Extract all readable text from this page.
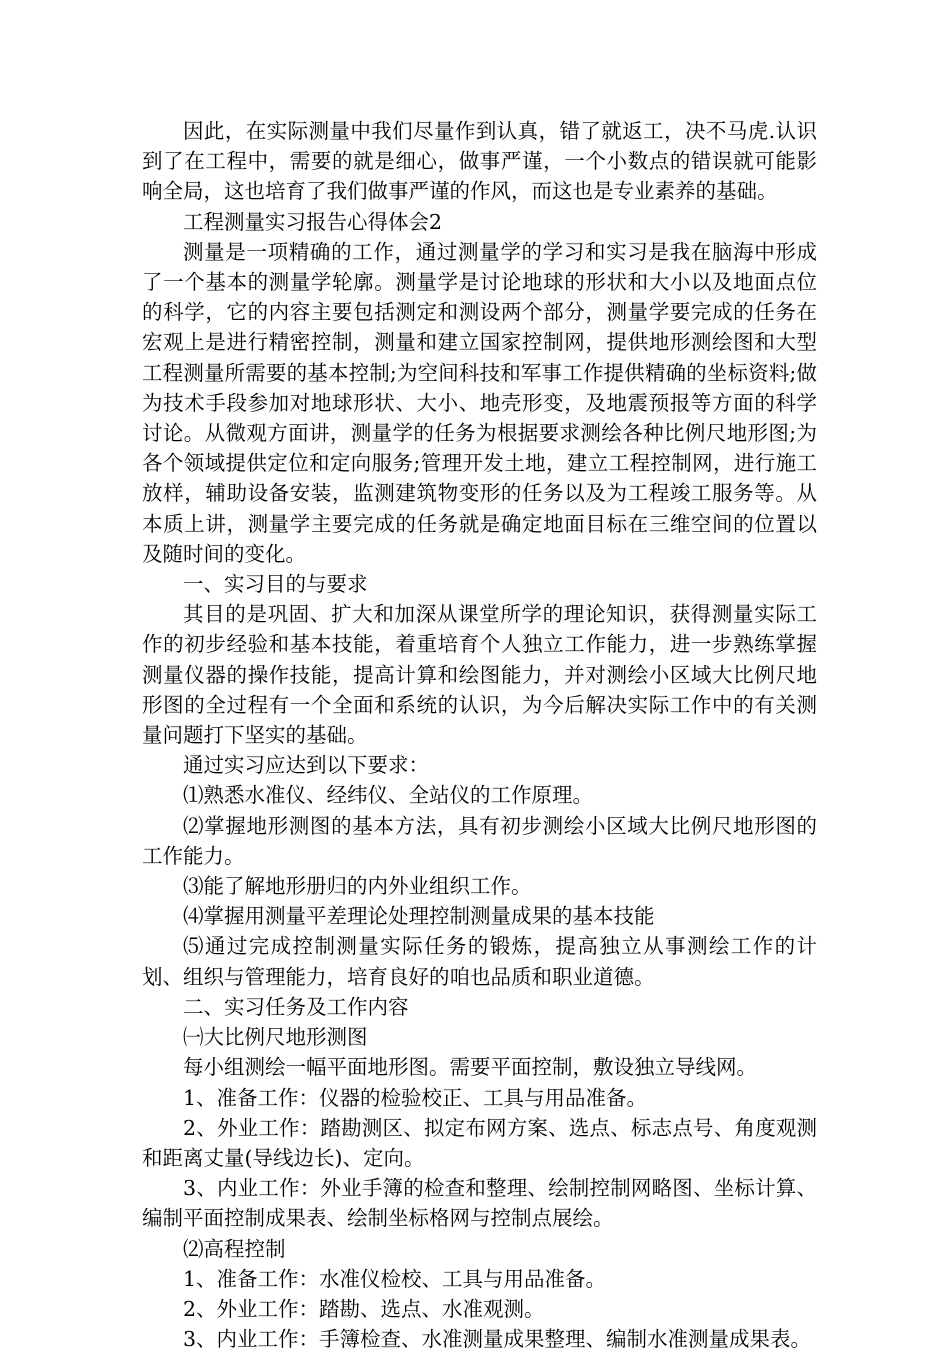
因此，在实际测量中我们尽量作到认真，错了就返工，决不马虎.认识到了在工程中，需要的就是细心，做事严谨，一个小数点的错误就可能影响全局，这也培育了我们做事严谨的作风，而这也是专业素养的基础。

工程测量实习报告心得体会2

测量是一项精确的工作，通过测量学的学习和实习是我在脑海中形成了一个基本的测量学轮廓。测量学是讨论地球的形状和大小以及地面点位的科学，它的内容主要包括测定和测设两个部分，测量学要完成的任务在宏观上是进行精密控制，测量和建立国家控制网，提供地形测绘图和大型工程测量所需要的基本控制;为空间科技和军事工作提供精确的坐标资料;做为技术手段参加对地球形状、大小、地壳形变，及地震预报等方面的科学讨论。从微观方面讲，测量学的任务为根据要求测绘各种比例尺地形图;为各个领域提供定位和定向服务;管理开发土地，建立工程控制网，进行施工放样，辅助设备安装，监测建筑物变形的任务以及为工程竣工服务等。从本质上讲，测量学主要完成的任务就是确定地面目标在三维空间的位置以及随时间的变化。

一、实习目的与要求

其目的是巩固、扩大和加深从课堂所学的理论知识，获得测量实际工作的初步经验和基本技能，着重培育个人独立工作能力，进一步熟练掌握测量仪器的操作技能，提高计算和绘图能力，并对测绘小区域大比例尺地形图的全过程有一个全面和系统的认识，为今后解决实际工作中的有关测量问题打下坚实的基础。

通过实习应达到以下要求：

⑴熟悉水准仪、经纬仪、全站仪的工作原理。

⑵掌握地形测图的基本方法，具有初步测绘小区域大比例尺地形图的工作能力。

⑶能了解地形册归的内外业组织工作。

⑷掌握用测量平差理论处理控制测量成果的基本技能

⑸通过完成控制测量实际任务的锻炼，提高独立从事测绘工作的计划、组织与管理能力，培育良好的咱也品质和职业道德。

二、实习任务及工作内容

㈠大比例尺地形测图

每小组测绘一幅平面地形图。需要平面控制，敷设独立导线网。

1、准备工作：仪器的检验校正、工具与用品准备。

2、外业工作：踏勘测区、拟定布网方案、选点、标志点号、角度观测和距离丈量(导线边长)、定向。

3、内业工作：外业手簿的检查和整理、绘制控制网略图、坐标计算、编制平面控制成果表、绘制坐标格网与控制点展绘。

⑵高程控制

1、准备工作：水准仪检校、工具与用品准备。

2、外业工作：踏勘、选点、水准观测。

3、内业工作：手簿检查、水准测量成果整理、编制水准测量成果表。
